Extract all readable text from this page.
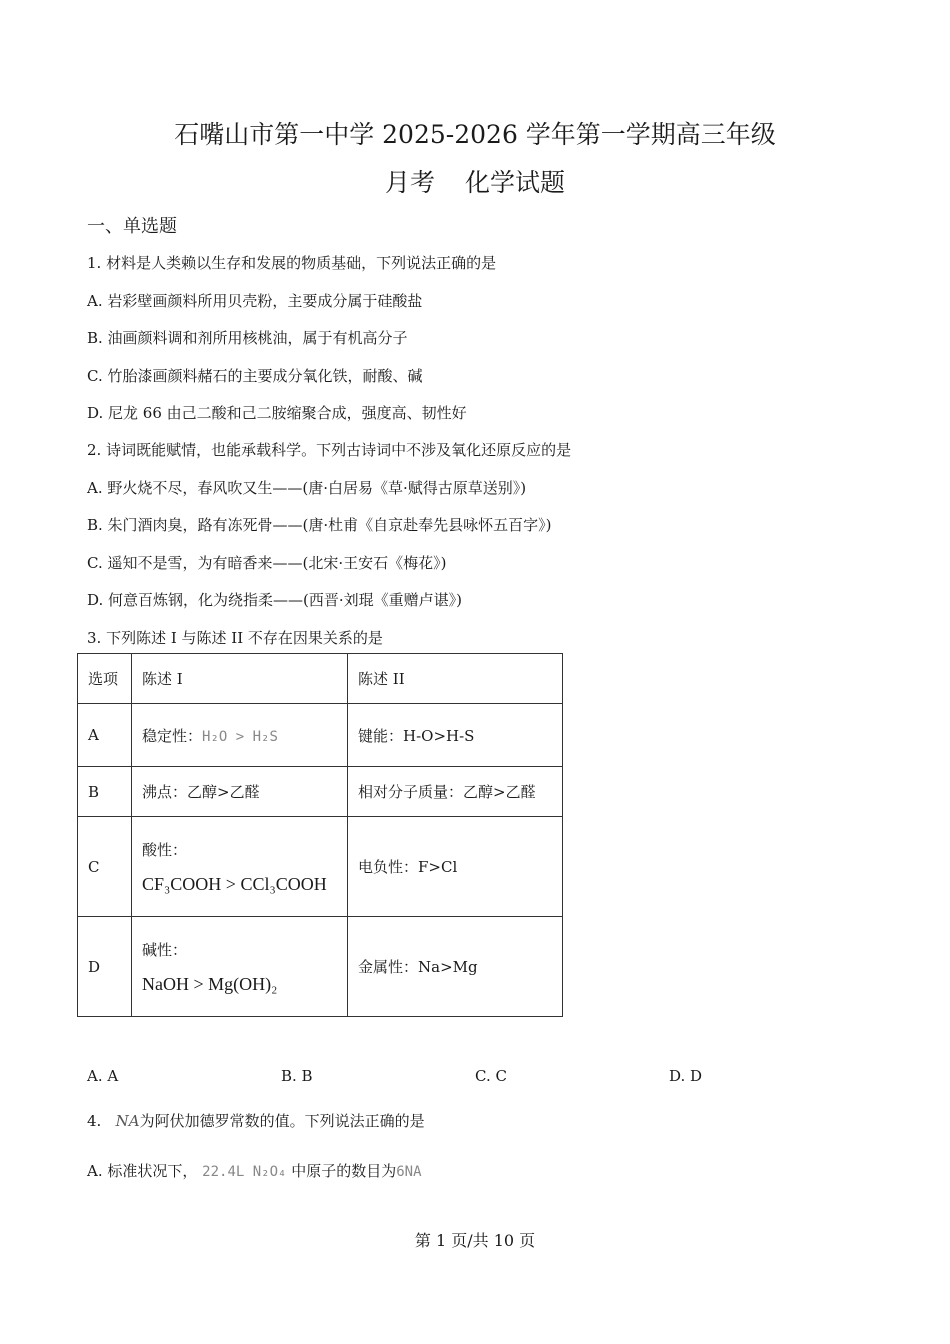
石嘴山市第一中学 2025-2026 学年第一学期高三年级
月考 化学试题
一、单选题
1. 材料是人类赖以生存和发展的物质基础，下列说法正确的是
A. 岩彩壁画颜料所用贝壳粉，主要成分属于硅酸盐
B. 油画颜料调和剂所用核桃油，属于有机高分子
C. 竹胎漆画颜料赭石的主要成分氧化铁，耐酸、碱
D. 尼龙 66 由己二酸和己二胺缩聚合成，强度高、韧性好
2. 诗词既能赋情，也能承载科学。下列古诗词中不涉及氧化还原反应的是
A. 野火烧不尽，春风吹又生——(唐·白居易《草·赋得古原草送别》)
B. 朱门酒肉臭，路有冻死骨——(唐·杜甫《自京赴奉先县咏怀五百字》)
C. 遥知不是雪，为有暗香来——(北宋·王安石《梅花》)
D. 何意百炼钢，化为绕指柔——(西晋·刘琨《重赠卢谌》)
3. 下列陈述 I 与陈述 II 不存在因果关系的是
选项	陈述 I	陈述 II
A	稳定性：H₂O > H₂S	键能：H-O>H-S
B	沸点：乙醇>乙醛	相对分子质量：乙醇>乙醛
C	酸性：
CF₃COOH > CCl₃COOH	电负性：F>Cl
D	碱性：
NaOH > Mg(OH)₂	金属性：Na>Mg
A. A	B. B	C. C	D. D
4. NA为阿伏加德罗常数的值。下列说法正确的是
A. 标准状况下， 22.4L N₂O₄ 中原子的数目为6NA
第 1 页/共 10 页
